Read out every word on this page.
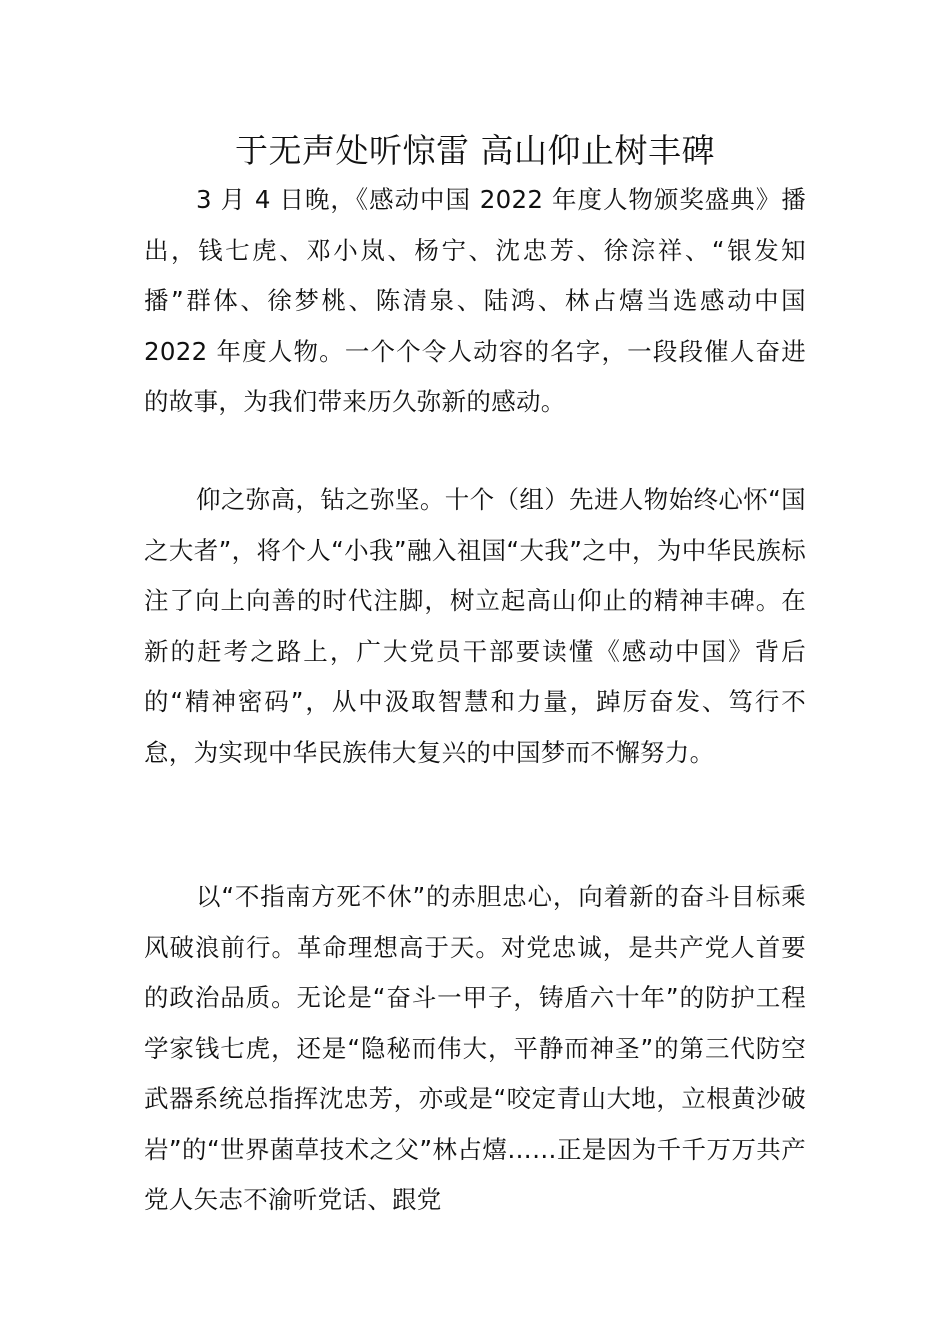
于无声处听惊雷 高山仰止树丰碑

3 月 4 日晚，《感动中国 2022 年度人物颁奖盛典》播出，钱七虎、邓小岚、杨宁、沈忠芳、徐淙祥、“银发知播”群体、徐梦桃、陈清泉、陆鸿、林占熺当选感动中国 2022 年度人物。一个个令人动容的名字，一段段催人奋进的故事，为我们带来历久弥新的感动。

仰之弥高，钻之弥坚。十个（组）先进人物始终心怀“国之大者”，将个人“小我”融入祖国“大我”之中，为中华民族标注了向上向善的时代注脚，树立起高山仰止的精神丰碑。在新的赶考之路上，广大党员干部要读懂《感动中国》背后的“精神密码”，从中汲取智慧和力量，踔厉奋发、笃行不怠，为实现中华民族伟大复兴的中国梦而不懈努力。

以“不指南方死不休”的赤胆忠心，向着新的奋斗目标乘风破浪前行。革命理想高于天。对党忠诚，是共产党人首要的政治品质。无论是“奋斗一甲子，铸盾六十年”的防护工程学家钱七虎，还是“隐秘而伟大，平静而神圣”的第三代防空武器系统总指挥沈忠芳，亦或是“咬定青山大地，立根黄沙破岩”的“世界菌草技术之父”林占熺……正是因为千千万万共产党人矢志不渝听党话、跟党
